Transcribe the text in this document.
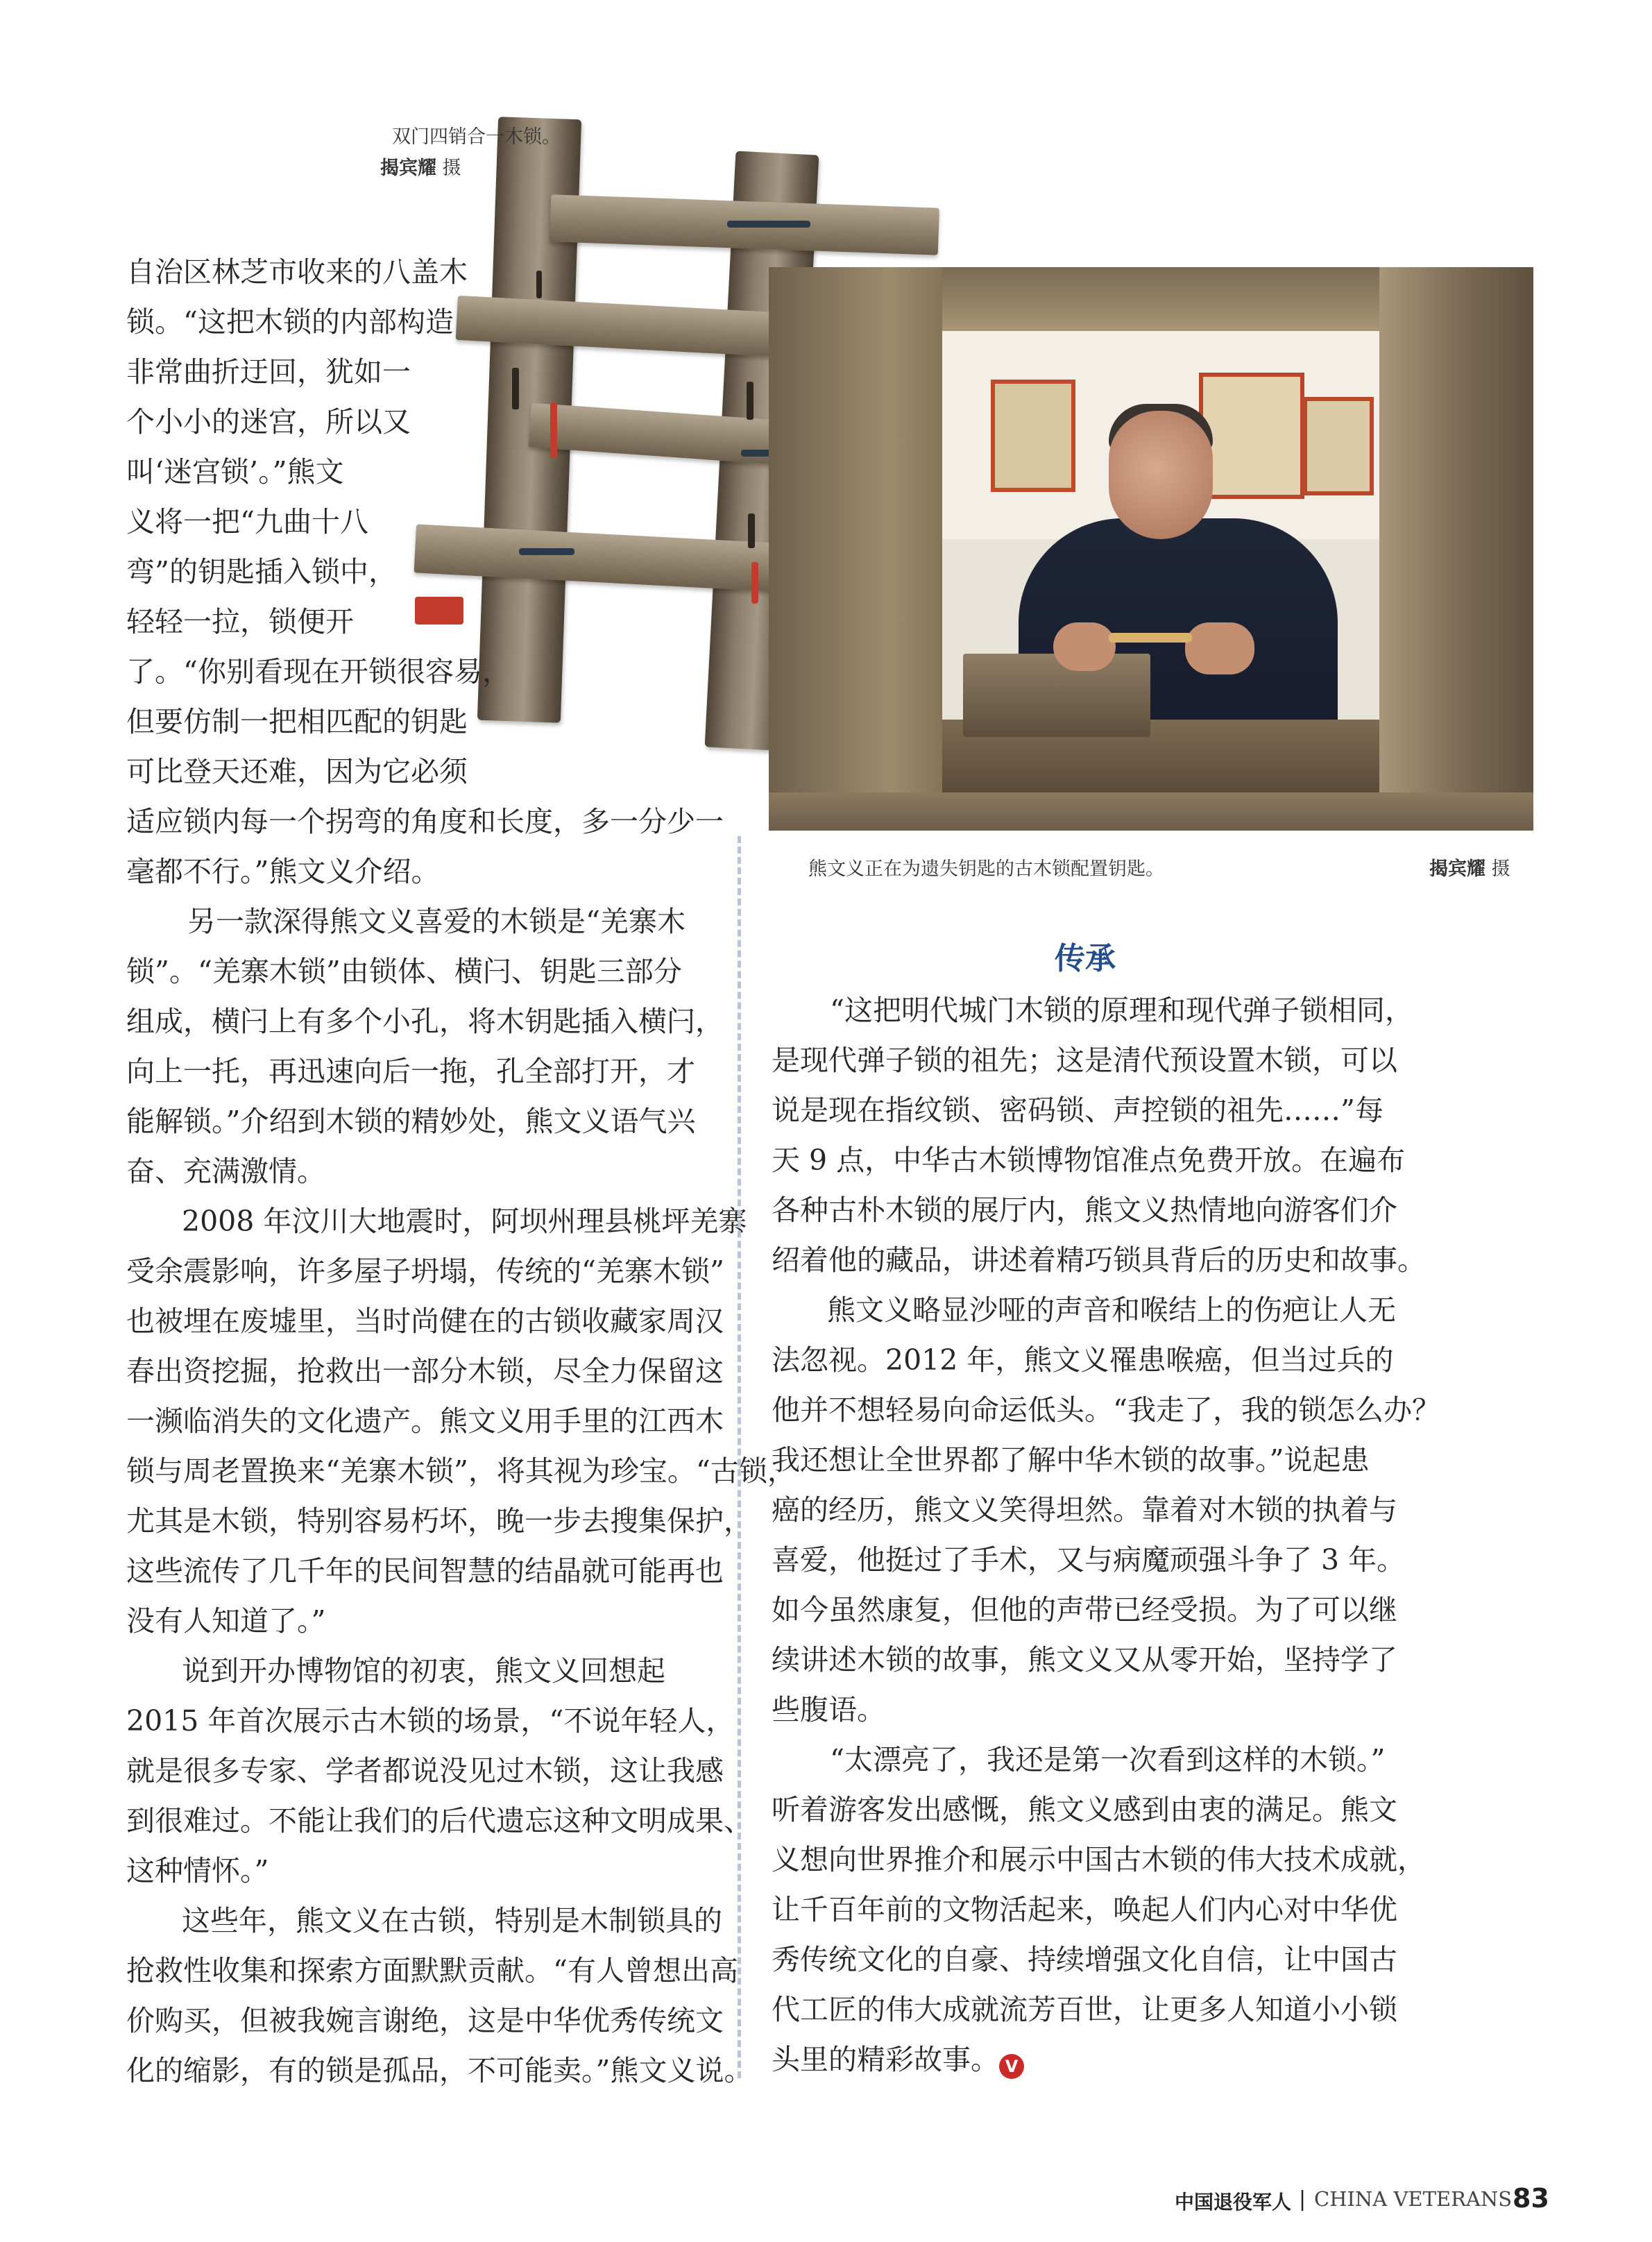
双门四销合一木锁。
揭宾耀 摄
熊文义正在为遗失钥匙的古木锁配置钥匙。	揭宾耀 摄
自治区林芝市收来的八盖木
锁。“这把木锁的内部构造
非常曲折迂回，犹如一
个小小的迷宫，所以又
叫‘迷宫锁’。”熊文
义将一把“九曲十八
弯”的钥匙插入锁中，
轻轻一拉，锁便开
了。“你别看现在开锁很容易，
但要仿制一把相匹配的钥匙
可比登天还难，因为它必须
适应锁内每一个拐弯的角度和长度，多一分少一
毫都不行。”熊文义介绍。
另一款深得熊文义喜爱的木锁是“羌寨木
锁”。“羌寨木锁”由锁体、横闩、钥匙三部分
组成，横闩上有多个小孔，将木钥匙插入横闩，
向上一托，再迅速向后一拖，孔全部打开，才
能解锁。”介绍到木锁的精妙处，熊文义语气兴
奋、充满激情。
2008 年汶川大地震时，阿坝州理县桃坪羌寨
受余震影响，许多屋子坍塌，传统的“羌寨木锁”
也被埋在废墟里，当时尚健在的古锁收藏家周汉
春出资挖掘，抢救出一部分木锁，尽全力保留这
一濒临消失的文化遗产。熊文义用手里的江西木
锁与周老置换来“羌寨木锁”，将其视为珍宝。“古锁，
尤其是木锁，特别容易朽坏，晚一步去搜集保护，
这些流传了几千年的民间智慧的结晶就可能再也
没有人知道了。”
说到开办博物馆的初衷，熊文义回想起
2015 年首次展示古木锁的场景，“不说年轻人，
就是很多专家、学者都说没见过木锁，这让我感
到很难过。不能让我们的后代遗忘这种文明成果、
这种情怀。”
这些年，熊文义在古锁，特别是木制锁具的
抢救性收集和探索方面默默贡献。“有人曾想出高
价购买，但被我婉言谢绝，这是中华优秀传统文
化的缩影，有的锁是孤品，不可能卖。”熊文义说。
传承
“这把明代城门木锁的原理和现代弹子锁相同，
是现代弹子锁的祖先；这是清代预设置木锁，可以
说是现在指纹锁、密码锁、声控锁的祖先……”每
天 9 点，中华古木锁博物馆准点免费开放。在遍布
各种古朴木锁的展厅内，熊文义热情地向游客们介
绍着他的藏品，讲述着精巧锁具背后的历史和故事。
熊文义略显沙哑的声音和喉结上的伤疤让人无
法忽视。2012 年，熊文义罹患喉癌，但当过兵的
他并不想轻易向命运低头。“我走了，我的锁怎么办？
我还想让全世界都了解中华木锁的故事。”说起患
癌的经历，熊文义笑得坦然。靠着对木锁的执着与
喜爱，他挺过了手术，又与病魔顽强斗争了 3 年。
如今虽然康复，但他的声带已经受损。为了可以继
续讲述木锁的故事，熊文义又从零开始，坚持学了
些腹语。
“太漂亮了，我还是第一次看到这样的木锁。”
听着游客发出感慨，熊文义感到由衷的满足。熊文
义想向世界推介和展示中国古木锁的伟大技术成就，
让千百年前的文物活起来，唤起人们内心对中华优
秀传统文化的自豪、持续增强文化自信，让中国古
代工匠的伟大成就流芳百世，让更多人知道小小锁
头里的精彩故事。 V
中国退役军人 | CHINA VETERANS 83
